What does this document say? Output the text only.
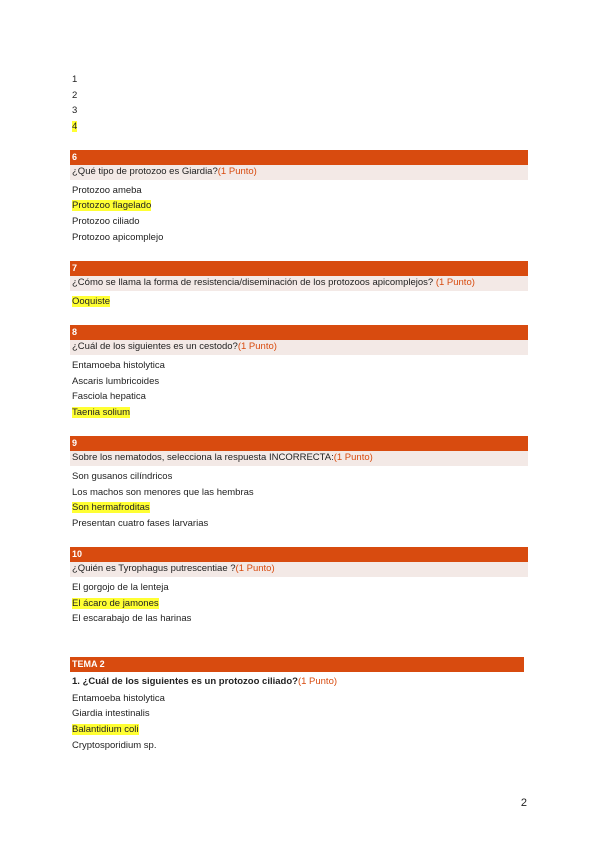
1
2
3
4
6
¿Qué tipo de protozoo es Giardia?(1 Punto)
Protozoo ameba
Protozoo flagelado
Protozoo ciliado
Protozoo apicomplejo
7
¿Cómo se llama la forma de resistencia/diseminación de los protozoos apicomplejos? (1 Punto)
Ooquiste
8
¿Cuál de los siguientes es un cestodo?(1 Punto)
Entamoeba histolytica
Ascaris lumbricoides
Fasciola hepatica
Taenia solium
9
Sobre los nematodos, selecciona la respuesta INCORRECTA:(1 Punto)
Son gusanos cilíndricos
Los machos son menores que las hembras
Son hermafroditas
Presentan cuatro fases larvarias
10
¿Quién es Tyrophagus putrescentiae ?(1 Punto)
El gorgojo de la lenteja
El ácaro de jamones
El escarabajo de las harinas
TEMA 2
1. ¿Cuál de los siguientes es un protozoo ciliado?(1 Punto)
Entamoeba histolytica
Giardia intestinalis
Balantidium coli
Cryptosporidium sp.
2
